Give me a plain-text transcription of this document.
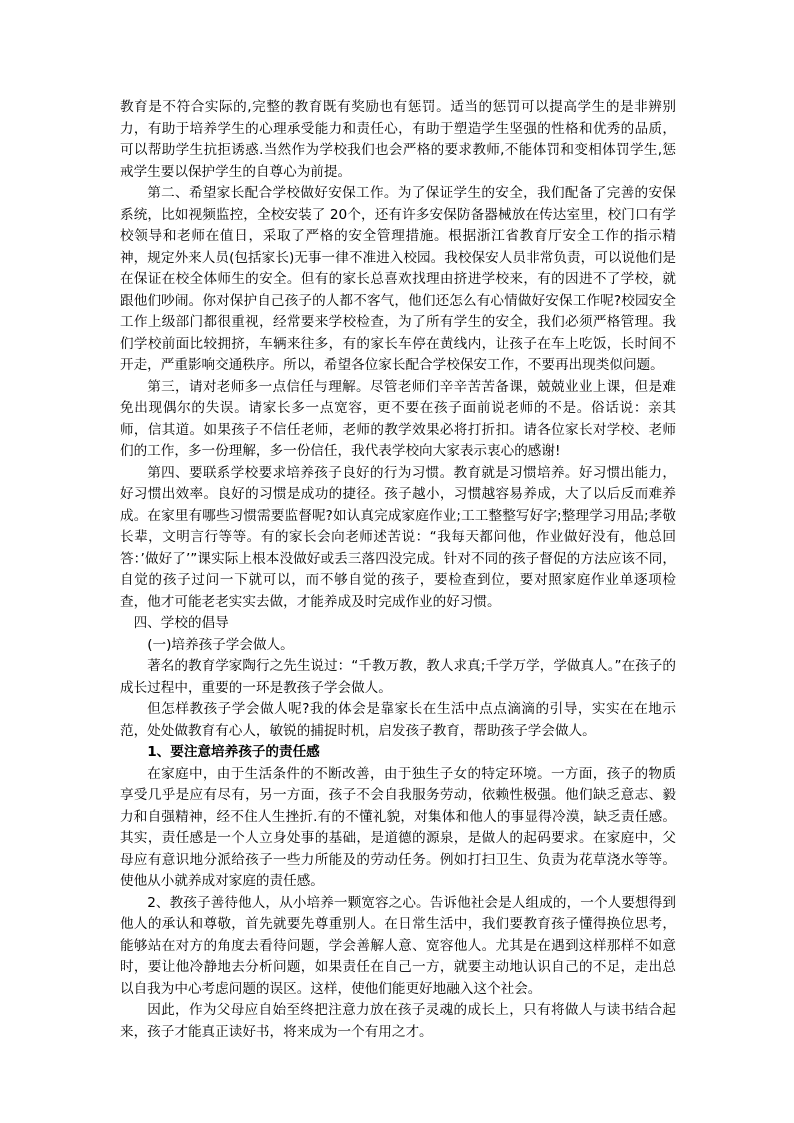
教育是不符合实际的,完整的教育既有奖励也有惩罚。适当的惩罚可以提高学生的是非辨别力，有助于培养学生的心理承受能力和责任心，有助于塑造学生坚强的性格和优秀的品质，可以帮助学生抗拒诱惑.当然作为学校我们也会严格的要求教师,不能体罚和变相体罚学生,惩戒学生要以保护学生的自尊心为前提。

第二、希望家长配合学校做好安保工作。为了保证学生的安全，我们配备了完善的安保系统，比如视频监控，全校安装了 20个，还有许多安保防备器械放在传达室里，校门口有学校领导和老师在值日，采取了严格的安全管理措施。根据浙江省教育厅安全工作的指示精神，规定外来人员(包括家长)无事一律不准进入校园。我校保安人员非常负责，可以说他们是在保证在校全体师生的安全。但有的家长总喜欢找理由挤进学校来，有的因进不了学校，就跟他们吵闹。你对保护自己孩子的人都不客气，他们还怎么有心情做好安保工作呢?校园安全工作上级部门都很重视，经常要来学校检查，为了所有学生的安全，我们必须严格管理。我们学校前面比较拥挤，车辆来往多，有的家长车停在黄线内，让孩子在车上吃饭，长时间不开走，严重影响交通秩序。所以，希望各位家长配合学校保安工作，不要再出现类似问题。

第三，请对老师多一点信任与理解。尽管老师们辛辛苦苦备课，兢兢业业上课，但是难免出现偶尔的失误。请家长多一点宽容，更不要在孩子面前说老师的不是。俗话说：亲其师，信其道。如果孩子不信任老师，老师的教学效果必将打折扣。请各位家长对学校、老师们的工作，多一份理解，多一份信任，我代表学校向大家表示衷心的感谢!

第四、要联系学校要求培养孩子良好的行为习惯。教育就是习惯培养。好习惯出能力，好习惯出效率。良好的习惯是成功的捷径。孩子越小，习惯越容易养成，大了以后反而难养成。在家里有哪些习惯需要监督呢?如认真完成家庭作业;工工整整写好字;整理学习用品;孝敬长辈，文明言行等等。有的家长会向老师述苦说：“我每天都问他，作业做好没有，他总回答：’做好了’”课实际上根本没做好或丢三落四没完成。针对不同的孩子督促的方法应该不同，自觉的孩子过问一下就可以，而不够自觉的孩子，要检查到位，要对照家庭作业单逐项检查，他才可能老老实实去做，才能养成及时完成作业的好习惯。

四、学校的倡导

(一)培养孩子学会做人。

著名的教育学家陶行之先生说过：“千教万教，教人求真;千学万学，学做真人。”在孩子的成长过程中，重要的一环是教孩子学会做人。

但怎样教孩子学会做人呢?我的体会是靠家长在生活中点点滴滴的引导，实实在在地示范，处处做教育有心人，敏锐的捕捉时机，启发孩子教育，帮助孩子学会做人。

1、要注意培养孩子的责任感

在家庭中，由于生活条件的不断改善，由于独生子女的特定环境。一方面，孩子的物质享受几乎是应有尽有，另一方面，孩子不会自我服务劳动，依赖性极强。他们缺乏意志、毅力和自强精神，经不住人生挫折.有的不懂礼貌，对集体和他人的事显得冷漠，缺乏责任感。其实，责任感是一个人立身处事的基础，是道德的源泉，是做人的起码要求。在家庭中，父母应有意识地分派给孩子一些力所能及的劳动任务。例如打扫卫生、负责为花草浇水等等。使他从小就养成对家庭的责任感。

2、教孩子善待他人，从小培养一颗宽容之心。告诉他社会是人组成的，一个人要想得到他人的承认和尊敬，首先就要先尊重别人。在日常生活中，我们要教育孩子懂得换位思考，能够站在对方的角度去看待问题，学会善解人意、宽容他人。尤其是在遇到这样那样不如意时，要让他冷静地去分析问题，如果责任在自己一方，就要主动地认识自己的不足，走出总以自我为中心考虑问题的误区。这样，使他们能更好地融入这个社会。

因此，作为父母应自始至终把注意力放在孩子灵魂的成长上，只有将做人与读书结合起来，孩子才能真正读好书，将来成为一个有用之才。
